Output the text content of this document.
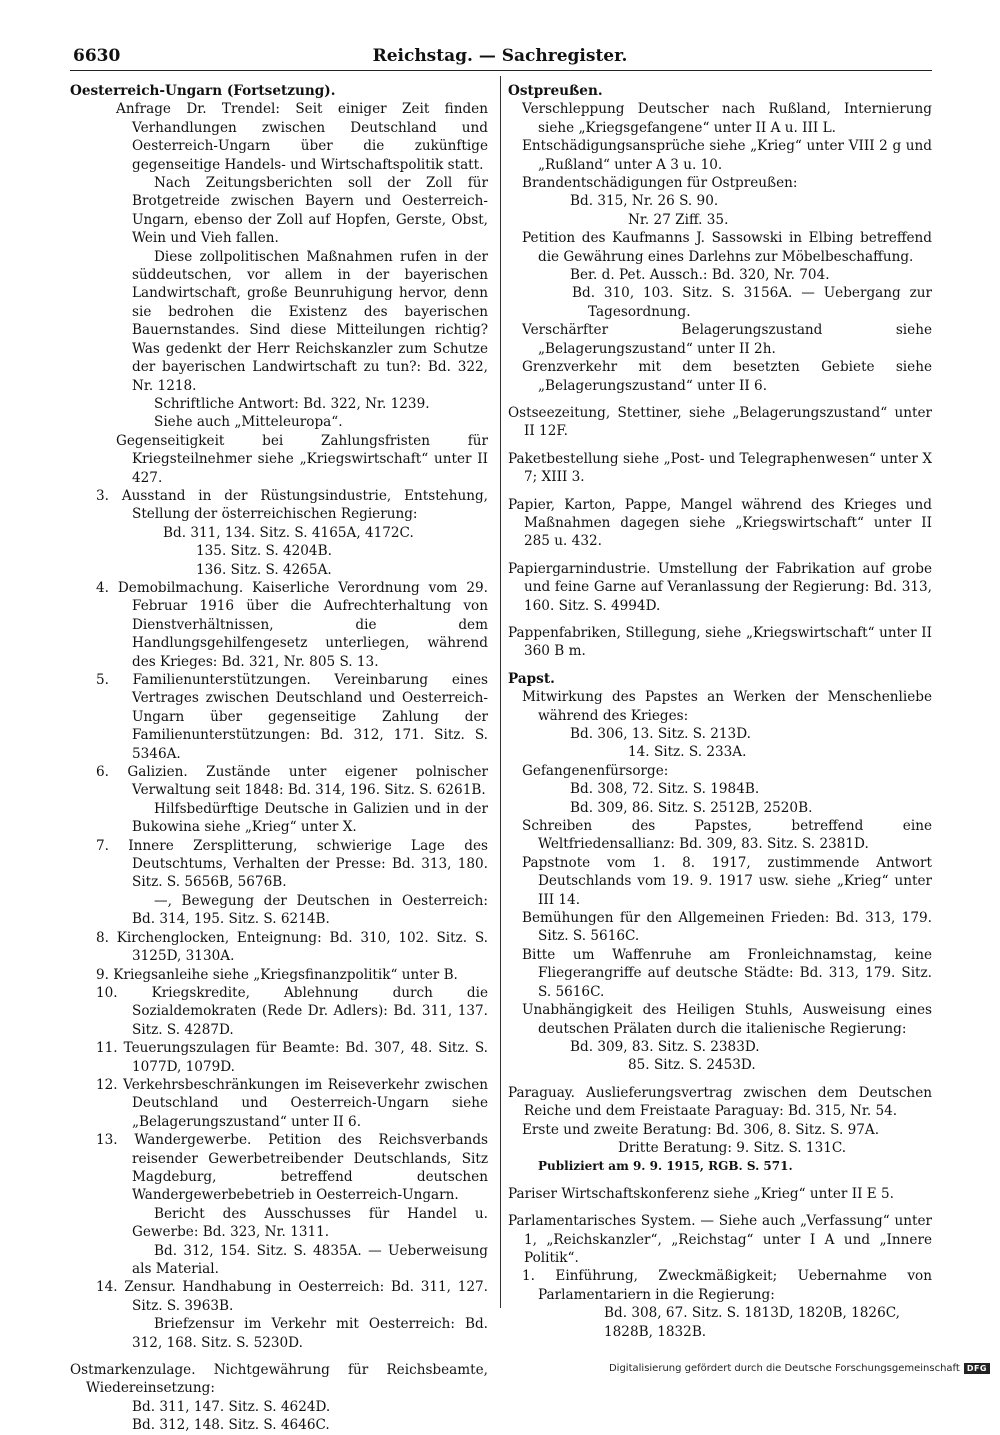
6630	Reichstag. — Sachregister.

Oesterreich-Ungarn (Fortsetzung).

Anfrage Dr. Trendel: Seit einiger Zeit finden Verhandlungen zwischen Deutschland und Oesterreich-Ungarn über die zukünftige gegenseitige Handels- und Wirtschaftspolitik statt.

Nach Zeitungsberichten soll der Zoll für Brotgetreide zwischen Bayern und Oesterreich-Ungarn, ebenso der Zoll auf Hopfen, Gerste, Obst, Wein und Vieh fallen.

Diese zollpolitischen Maßnahmen rufen in der süddeutschen, vor allem in der bayerischen Landwirtschaft, große Beunruhigung hervor, denn sie bedrohen die Existenz des bayerischen Bauernstandes. Sind diese Mitteilungen richtig? Was gedenkt der Herr Reichskanzler zum Schutze der bayerischen Landwirtschaft zu tun?: Bd. 322, Nr. 1218.

Schriftliche Antwort: Bd. 322, Nr. 1239.

Siehe auch „Mitteleuropa“.

Gegenseitigkeit bei Zahlungsfristen für Kriegsteilnehmer siehe „Kriegswirtschaft“ unter II 427.

3. Ausstand in der Rüstungsindustrie, Entstehung, Stellung der österreichischen Regierung:

Bd. 311, 134. Sitz. S. 4165A, 4172C.

135. Sitz. S. 4204B.

136. Sitz. S. 4265A.

4. Demobilmachung. Kaiserliche Verordnung vom 29. Februar 1916 über die Aufrechterhaltung von Dienstverhältnissen, die dem Handlungsgehilfengesetz unterliegen, während des Krieges: Bd. 321, Nr. 805 S. 13.

5. Familienunterstützungen. Vereinbarung eines Vertrages zwischen Deutschland und Oesterreich-Ungarn über gegenseitige Zahlung der Familienunterstützungen: Bd. 312, 171. Sitz. S. 5346A.

6. Galizien. Zustände unter eigener polnischer Verwaltung seit 1848: Bd. 314, 196. Sitz. S. 6261B.

Hilfsbedürftige Deutsche in Galizien und in der Bukowina siehe „Krieg“ unter X.

7. Innere Zersplitterung, schwierige Lage des Deutschtums, Verhalten der Presse: Bd. 313, 180. Sitz. S. 5656B, 5676B.

—, Bewegung der Deutschen in Oesterreich: Bd. 314, 195. Sitz. S. 6214B.

8. Kirchenglocken, Enteignung: Bd. 310, 102. Sitz. S. 3125D, 3130A.

9. Kriegsanleihe siehe „Kriegsfinanzpolitik“ unter B.

10. Kriegskredite, Ablehnung durch die Sozialdemokraten (Rede Dr. Adlers): Bd. 311, 137. Sitz. S. 4287D.

11. Teuerungszulagen für Beamte: Bd. 307, 48. Sitz. S. 1077D, 1079D.

12. Verkehrsbeschränkungen im Reiseverkehr zwischen Deutschland und Oesterreich-Ungarn siehe „Belagerungszustand“ unter II 6.

13. Wandergewerbe. Petition des Reichsverbands reisender Gewerbetreibender Deutschlands, Sitz Magdeburg, betreffend deutschen Wandergewerbebetrieb in Oesterreich-Ungarn.

Bericht des Ausschusses für Handel u. Gewerbe: Bd. 323, Nr. 1311.

Bd. 312, 154. Sitz. S. 4835A. — Ueberweisung als Material.

14. Zensur. Handhabung in Oesterreich: Bd. 311, 127. Sitz. S. 3963B.

Briefzensur im Verkehr mit Oesterreich: Bd. 312, 168. Sitz. S. 5230D.

Ostmarkenzulage. Nichtgewährung für Reichsbeamte, Wiedereinsetzung:

Bd. 311, 147. Sitz. S. 4624D.

Bd. 312, 148. Sitz. S. 4646C.

Ostpreußen.

Verschleppung Deutscher nach Rußland, Internierung siehe „Kriegsgefangene“ unter II A u. III L.

Entschädigungsansprüche siehe „Krieg“ unter VIII 2 g und „Rußland“ unter A 3 u. 10.

Brandentschädigungen für Ostpreußen:

Bd. 315, Nr. 26 S. 90.

Nr. 27 Ziff. 35.

Petition des Kaufmanns J. Sassowski in Elbing betreffend die Gewährung eines Darlehns zur Möbelbeschaffung.

Ber. d. Pet. Aussch.: Bd. 320, Nr. 704.

Bd. 310, 103. Sitz. S. 3156A. — Uebergang zur Tagesordnung.

Verschärfter Belagerungszustand siehe „Belagerungszustand“ unter II 2h.

Grenzverkehr mit dem besetzten Gebiete siehe „Belagerungszustand“ unter II 6.

Ostseezeitung, Stettiner, siehe „Belagerungszustand“ unter II 12F.

Paketbestellung siehe „Post- und Telegraphenwesen“ unter X 7; XIII 3.

Papier, Karton, Pappe, Mangel während des Krieges und Maßnahmen dagegen siehe „Kriegswirtschaft“ unter II 285 u. 432.

Papiergarnindustrie. Umstellung der Fabrikation auf grobe und feine Garne auf Veranlassung der Regierung: Bd. 313, 160. Sitz. S. 4994D.

Pappenfabriken, Stillegung, siehe „Kriegswirtschaft“ unter II 360 B m.

Papst.

Mitwirkung des Papstes an Werken der Menschenliebe während des Krieges:

Bd. 306, 13. Sitz. S. 213D.

14. Sitz. S. 233A.

Gefangenenfürsorge:

Bd. 308, 72. Sitz. S. 1984B.

Bd. 309, 86. Sitz. S. 2512B, 2520B.

Schreiben des Papstes, betreffend eine Weltfriedensallianz: Bd. 309, 83. Sitz. S. 2381D.

Papstnote vom 1. 8. 1917, zustimmende Antwort Deutschlands vom 19. 9. 1917 usw. siehe „Krieg“ unter III 14.

Bemühungen für den Allgemeinen Frieden: Bd. 313, 179. Sitz. S. 5616C.

Bitte um Waffenruhe am Fronleichnamstag, keine Fliegerangriffe auf deutsche Städte: Bd. 313, 179. Sitz. S. 5616C.

Unabhängigkeit des Heiligen Stuhls, Ausweisung eines deutschen Prälaten durch die italienische Regierung:

Bd. 309, 83. Sitz. S. 2383D.

85. Sitz. S. 2453D.

Paraguay. Auslieferungsvertrag zwischen dem Deutschen Reiche und dem Freistaate Paraguay: Bd. 315, Nr. 54.

Erste und zweite Beratung: Bd. 306, 8. Sitz. S. 97A.

Dritte Beratung: 9. Sitz. S. 131C.

Publiziert am 9. 9. 1915, RGB. S. 571.

Pariser Wirtschaftskonferenz siehe „Krieg“ unter II E 5.

Parlamentarisches System. — Siehe auch „Verfassung“ unter 1, „Reichskanzler“, „Reichstag“ unter I A und „Innere Politik“.

1. Einführung, Zweckmäßigkeit; Uebernahme von Parlamentariern in die Regierung:

Bd. 308, 67. Sitz. S. 1813D, 1820B, 1826C, 1828B, 1832B.

Digitalisierung gefördert durch die Deutsche Forschungsgemeinschaft DFG
